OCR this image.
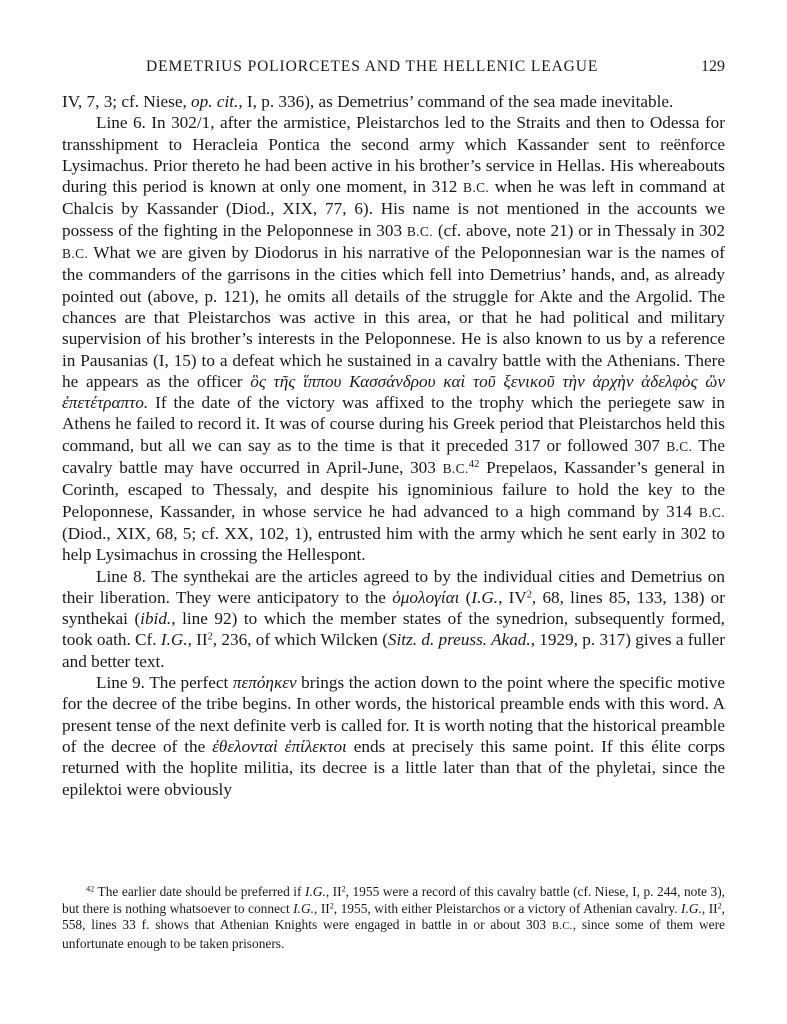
DEMETRIUS POLIORCETES AND THE HELLENIC LEAGUE	129

IV, 7, 3; cf. Niese, op. cit., I, p. 336), as Demetrius’ command of the sea made inevitable.

Line 6. In 302/1, after the armistice, Pleistarchos led to the Straits and then to Odessa for transshipment to Heracleia Pontica the second army which Kassander sent to reënforce Lysimachus. Prior thereto he had been active in his brother’s service in Hellas. His whereabouts during this period is known at only one moment, in 312 B.C. when he was left in command at Chalcis by Kassander (Diod., XIX, 77, 6). His name is not mentioned in the accounts we possess of the fighting in the Peloponnese in 303 B.C. (cf. above, note 21) or in Thessaly in 302 B.C. What we are given by Diodorus in his narrative of the Peloponnesian war is the names of the commanders of the garrisons in the cities which fell into Demetrius’ hands, and, as already pointed out (above, p. 121), he omits all details of the struggle for Akte and the Argolid. The chances are that Pleistarchos was active in this area, or that he had political and military supervision of his brother’s interests in the Peloponnese. He is also known to us by a reference in Pausanias (I, 15) to a defeat which he sustained in a cavalry battle with the Athenians. There he appears as the officer ὃς τῆς ἵππου Κασσάνδρου καὶ τοῦ ξενικοῦ τὴν ἀρχὴν ἀδελφὸς ὢν ἐπετέτραπτο. If the date of the victory was affixed to the trophy which the periegete saw in Athens he failed to record it. It was of course during his Greek period that Pleistarchos held this command, but all we can say as to the time is that it preceded 317 or followed 307 B.C. The cavalry battle may have occurred in April-June, 303 B.C.$^{42}$ Prepelaos, Kassander’s general in Corinth, escaped to Thessaly, and despite his ignominious failure to hold the key to the Peloponnese, Kassander, in whose service he had advanced to a high command by 314 B.C. (Diod., XIX, 68, 5; cf. XX, 102, 1), entrusted him with the army which he sent early in 302 to help Lysimachus in crossing the Hellespont.

Line 8. The synthekai are the articles agreed to by the individual cities and Demetrius on their liberation. They were anticipatory to the ὁμολογίαι (I.G., $IV^2$, 68, lines 85, 133, 138) or synthekai (ibid., line 92) to which the member states of the synedrion, subsequently formed, took oath. Cf. I.G., $II^2$, 236, of which Wilcken (Sitz. d. preuss. Akad., 1929, p. 317) gives a fuller and better text.

Line 9. The perfect πεπόηκεν brings the action down to the point where the specific motive for the decree of the tribe begins. In other words, the historical preamble ends with this word. A present tense of the next definite verb is called for. It is worth noting that the historical preamble of the decree of the ἐθελονταὶ ἐπίλεκτοι ends at precisely this same point. If this élite corps returned with the hoplite militia, its decree is a little later than that of the phyletai, since the epilektoi were obviously

$^{42}$ The earlier date should be preferred if I.G., $II^2$, 1955 were a record of this cavalry battle (cf. Niese, I, p. 244, note 3), but there is nothing whatsoever to connect I.G., $II^2$, 1955, with either Pleistarchos or a victory of Athenian cavalry. I.G., $II^2$, 558, lines 33 f. shows that Athenian Knights were engaged in battle in or about 303 B.C., since some of them were unfortunate enough to be taken prisoners.
